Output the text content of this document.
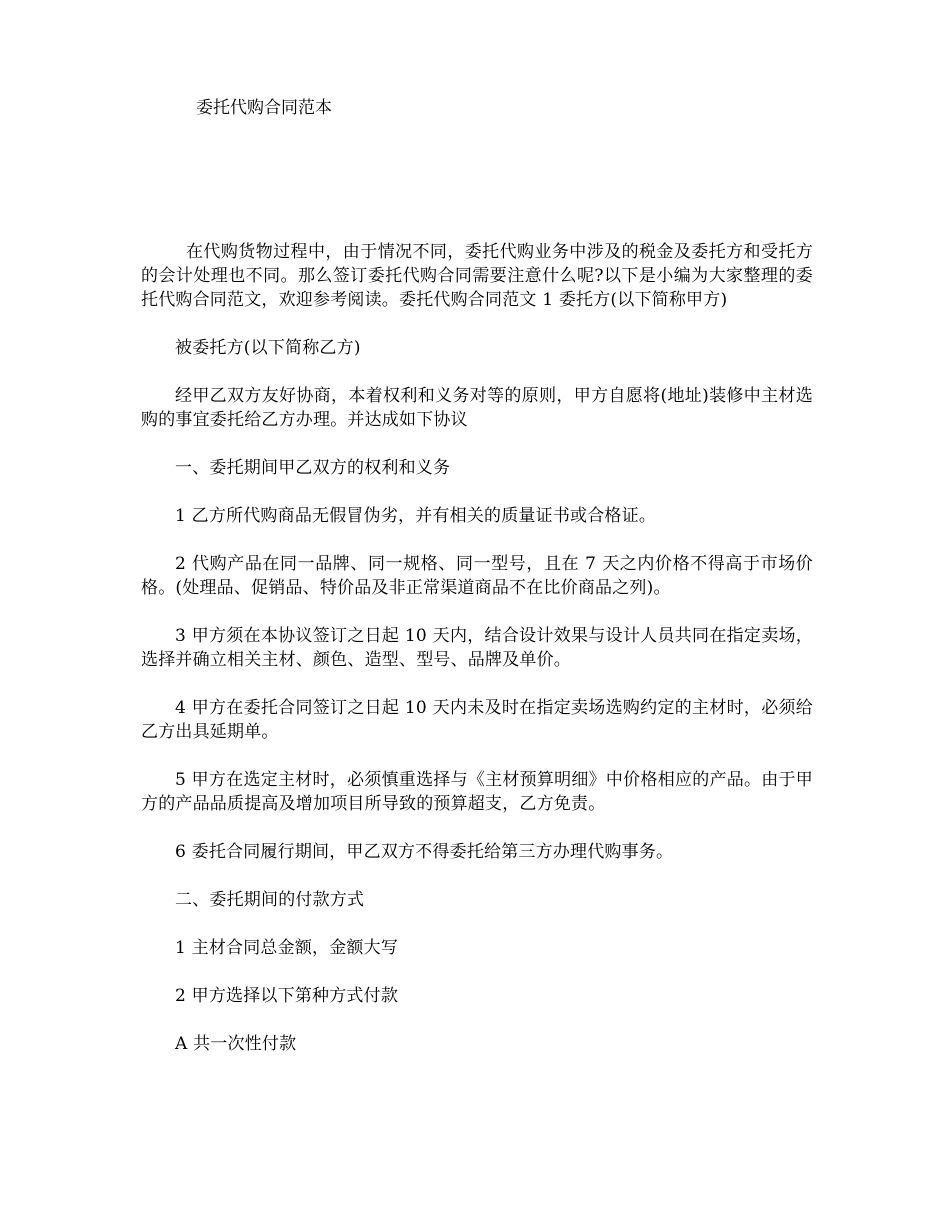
委托代购合同范本

在代购货物过程中，由于情况不同，委托代购业务中涉及的税金及委托方和受托方的会计处理也不同。那么签订委托代购合同需要注意什么呢?以下是小编为大家整理的委托代购合同范文，欢迎参考阅读。委托代购合同范文 1 委托方(以下简称甲方)

被委托方(以下简称乙方)

经甲乙双方友好协商，本着权利和义务对等的原则，甲方自愿将(地址)装修中主材选购的事宜委托给乙方办理。并达成如下协议

一、委托期间甲乙双方的权利和义务

1 乙方所代购商品无假冒伪劣，并有相关的质量证书或合格证。

2 代购产品在同一品牌、同一规格、同一型号，且在 7 天之内价格不得高于市场价格。(处理品、促销品、特价品及非正常渠道商品不在比价商品之列)。

3 甲方须在本协议签订之日起 10 天内，结合设计效果与设计人员共同在指定卖场，选择并确立相关主材、颜色、造型、型号、品牌及单价。

4 甲方在委托合同签订之日起 10 天内未及时在指定卖场选购约定的主材时，必须给乙方出具延期单。

5 甲方在选定主材时，必须慎重选择与《主材预算明细》中价格相应的产品。由于甲方的产品品质提高及增加项目所导致的预算超支，乙方免责。

6 委托合同履行期间，甲乙双方不得委托给第三方办理代购事务。

二、委托期间的付款方式

1 主材合同总金额，金额大写

2 甲方选择以下第种方式付款

A 共一次性付款
